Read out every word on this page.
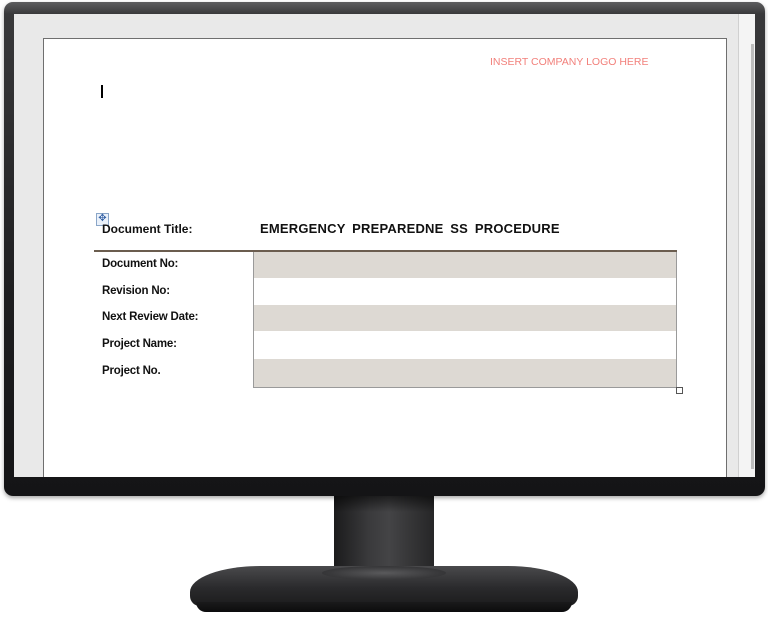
INSERT COMPANY LOGO HERE
✥
Document Title:	EMERGENCY PREPAREDNE SS PROCEDURE
Document No:
Revision No:
Next Review Date:
Project Name:
Project No.
